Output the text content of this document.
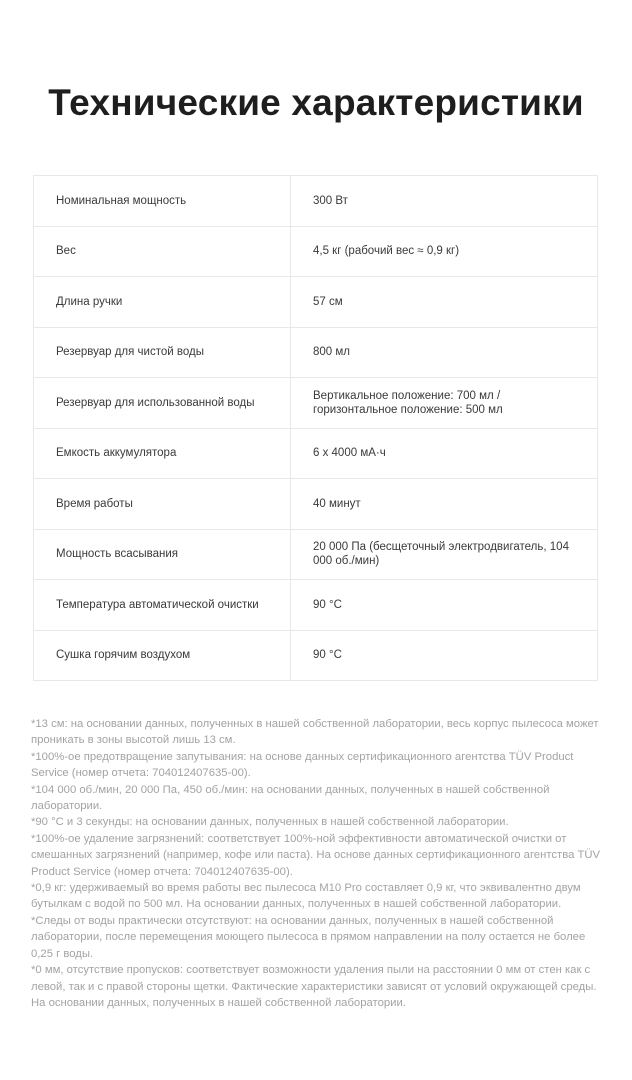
Технические характеристики
Номинальная мощность	300 Вт
Вес	4,5 кг (рабочий вес ≈ 0,9 кг)
Длина ручки	57 см
Резервуар для чистой воды	800 мл
Резервуар для использованной воды	Вертикальное положение: 700 мл / горизонтальное положение: 500 мл
Емкость аккумулятора	6 x 4000 мА·ч
Время работы	40 минут
Мощность всасывания	20 000 Па (бесщеточный электродвигатель, 104 000 об./мин)
Температура автоматической очистки	90 °C
Сушка горячим воздухом	90 °C

*13 см: на основании данных, полученных в нашей собственной лаборатории, весь корпус пылесоса может проникать в зоны высотой лишь 13 см.

*100%-ое предотвращение запутывания: на основе данных сертификационного агентства TÜV Product Service (номер отчета: 704012407635-00).

*104 000 об./мин, 20 000 Па, 450 об./мин: на основании данных, полученных в нашей собственной лаборатории.

*90 °C и 3 секунды: на основании данных, полученных в нашей собственной лаборатории.

*100%-ое удаление загрязнений: соответствует 100%-ной эффективности автоматической очистки от смешанных загрязнений (например, кофе или паста). На основе данных сертификационного агентства TÜV Product Service (номер отчета: 704012407635-00).

*0,9 кг: удерживаемый во время работы вес пылесоса M10 Pro составляет 0,9 кг, что эквивалентно двум бутылкам с водой по 500 мл. На основании данных, полученных в нашей собственной лаборатории.

*Следы от воды практически отсутствуют: на основании данных, полученных в нашей собственной лаборатории, после перемещения моющего пылесоса в прямом направлении на полу остается не более 0,25 г воды.

*0 мм, отсутствие пропусков: соответствует возможности удаления пыли на расстоянии 0 мм от стен как с левой, так и с правой стороны щетки. Фактические характеристики зависят от условий окружающей среды. На основании данных, полученных в нашей собственной лаборатории.
